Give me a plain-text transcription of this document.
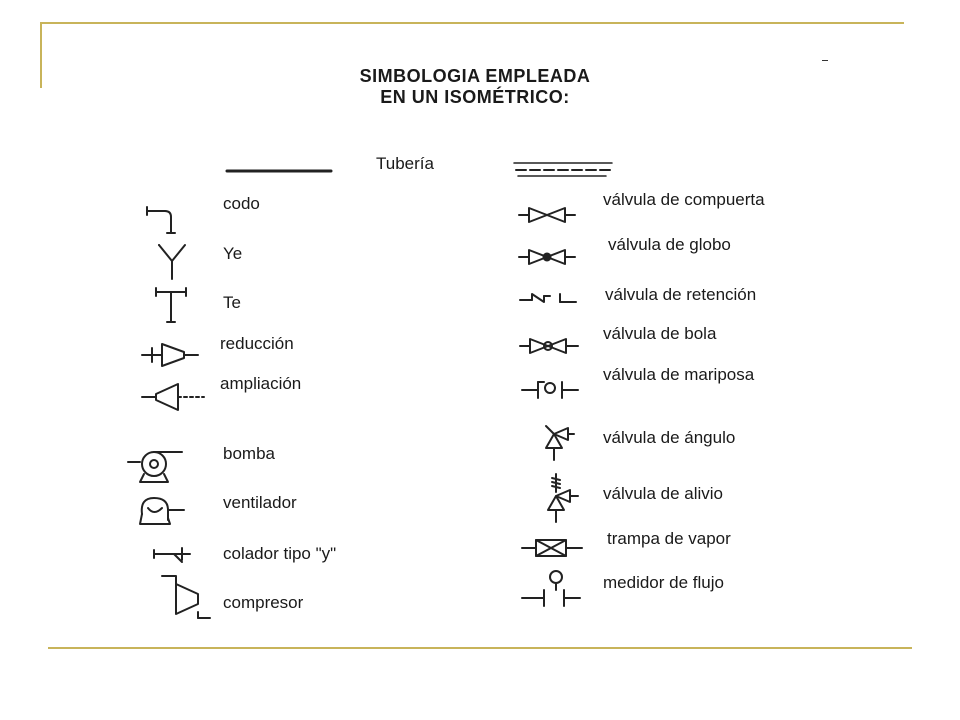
SIMBOLOGIA EMPLEADA
EN UN ISOMÉTRICO:
Tubería
codo
Ye
Te
reducción
ampliación
bomba
ventilador
colador tipo "y"
compresor
válvula de compuerta
válvula de globo
válvula de retención
válvula de bola
válvula de mariposa
válvula de ángulo
válvula de alivio
trampa de vapor
medidor de flujo
